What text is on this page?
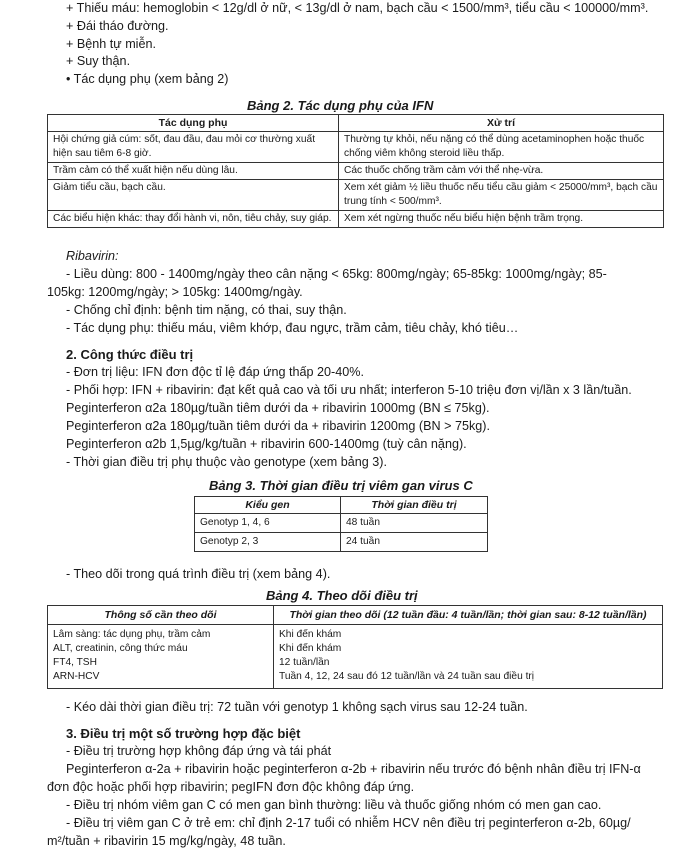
+ Thiếu máu: hemoglobin < 12g/dl ở nữ, < 13g/dl ở nam, bạch cầu < 1500/mm³, tiểu cầu < 100000/mm³.
+ Đái tháo đường.
+ Bệnh tự miễn.
+ Suy thận.
• Tác dụng phụ (xem bảng 2)
Bảng 2. Tác dụng phụ của IFN
Tác dụng phụ	Xử trí
Hội chứng giả cúm: sốt, đau đầu, đau mỏi cơ thường xuất hiện sau tiêm 6-8 giờ.	Thường tự khỏi, nếu nặng có thể dùng acetaminophen hoặc thuốc chống viêm không steroid liều thấp.
Trầm cảm có thể xuất hiện nếu dùng lâu.	Các thuốc chống trầm cảm với thể nhẹ-vừa.
Giảm tiểu cầu, bạch cầu.	Xem xét giảm ½ liều thuốc nếu tiểu cầu giảm < 25000/mm³, bạch cầu trung tính < 500/mm³.
Các biểu hiện khác: thay đổi hành vi, nôn, tiêu chảy, suy giáp.	Xem xét ngừng thuốc nếu biểu hiện bệnh trầm trọng.
Ribavirin:
- Liều dùng: 800 - 1400mg/ngày theo cân nặng < 65kg: 800mg/ngày; 65-85kg: 1000mg/ngày; 85-
105kg: 1200mg/ngày; > 105kg: 1400mg/ngày.
- Chống chỉ định: bệnh tim nặng, có thai, suy thận.
- Tác dụng phụ: thiếu máu, viêm khớp, đau ngực, trầm cảm, tiêu chảy, khó tiêu…
2. Công thức điều trị
- Đơn trị liệu: IFN đơn độc tỉ lệ đáp ứng thấp 20-40%.
- Phối hợp: IFN + ribavirin: đạt kết quả cao và tối ưu nhất; interferon 5-10 triệu đơn vị/lần x 3 lần/tuần.
Peginterferon α2a 180µg/tuần tiêm dưới da + ribavirin 1000mg (BN ≤ 75kg).
Peginterferon α2a 180µg/tuần tiêm dưới da + ribavirin 1200mg (BN > 75kg).
Peginterferon α2b 1,5µg/kg/tuần + ribavirin 600-1400mg (tuỳ cân nặng).
- Thời gian điều trị phụ thuộc vào genotype (xem bảng 3).
Bảng 3. Thời gian điều trị viêm gan virus C
Kiểu gen	Thời gian điều trị
Genotyp 1, 4, 6	48 tuần
Genotyp 2, 3	24 tuần
- Theo dõi trong quá trình điều trị (xem bảng 4).
Bảng 4. Theo dõi điều trị
Thông số cần theo dõi	Thời gian theo dõi (12 tuần đầu: 4 tuần/lần; thời gian sau: 8-12 tuần/lần)
Lâm sàng: tác dụng phụ, trầm cảm	Khi đến khám
ALT, creatinin, công thức máu	Khi đến khám
FT4, TSH	12 tuần/lần
ARN-HCV	Tuần 4, 12, 24 sau đó 12 tuần/lần và 24 tuần sau điều trị
- Kéo dài thời gian điều trị: 72 tuần với genotyp 1 không sạch virus sau 12-24 tuần.
3. Điều trị một số trường hợp đặc biệt
- Điều trị trường hợp không đáp ứng và tái phát
Peginterferon α-2a + ribavirin hoặc peginterferon α-2b + ribavirin nếu trước đó bệnh nhân điều trị IFN-α
đơn độc hoặc phối hợp ribavirin; pegIFN đơn độc không đáp ứng.
- Điều trị nhóm viêm gan C có men gan bình thường: liều và thuốc giống nhóm có men gan cao.
- Điều trị viêm gan C ở trẻ em: chỉ định 2-17 tuổi có nhiễm HCV nên điều trị peginterferon α-2b, 60µg/
m²/tuần + ribavirin 15 mg/kg/ngày, 48 tuần.
